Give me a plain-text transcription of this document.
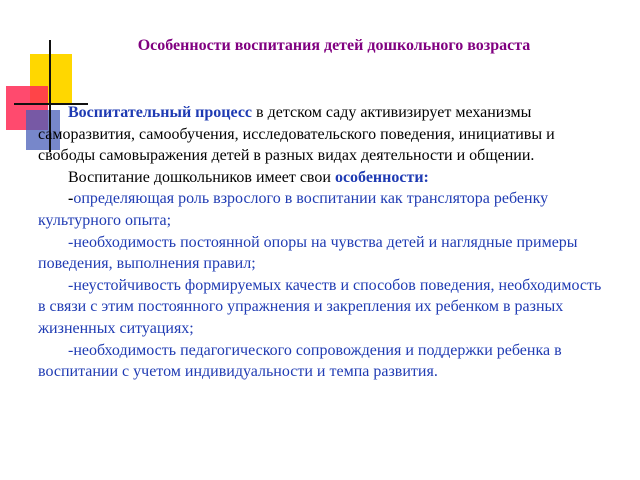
Особенности воспитания детей дошкольного возраста

Воспитательный процесс в детском саду активизирует механизмы саморазвития, самообучения, исследовательского поведения, инициативы и свободы самовыражения детей в разных видах деятельности и общении.

Воспитание дошкольников имеет свои особенности:

-определяющая роль взрослого в воспитании как транслятора ребенку культурного опыта;

-необходимость постоянной опоры на чувства детей и наглядные примеры поведения, выполнения правил;

-неустойчивость формируемых качеств и способов поведения, необходимость в связи с этим постоянного упражнения и закрепления их ребенком в разных жизненных ситуациях;

-необходимость педагогического сопровождения и поддержки ребенка в воспитании с учетом индивидуальности и темпа развития.
